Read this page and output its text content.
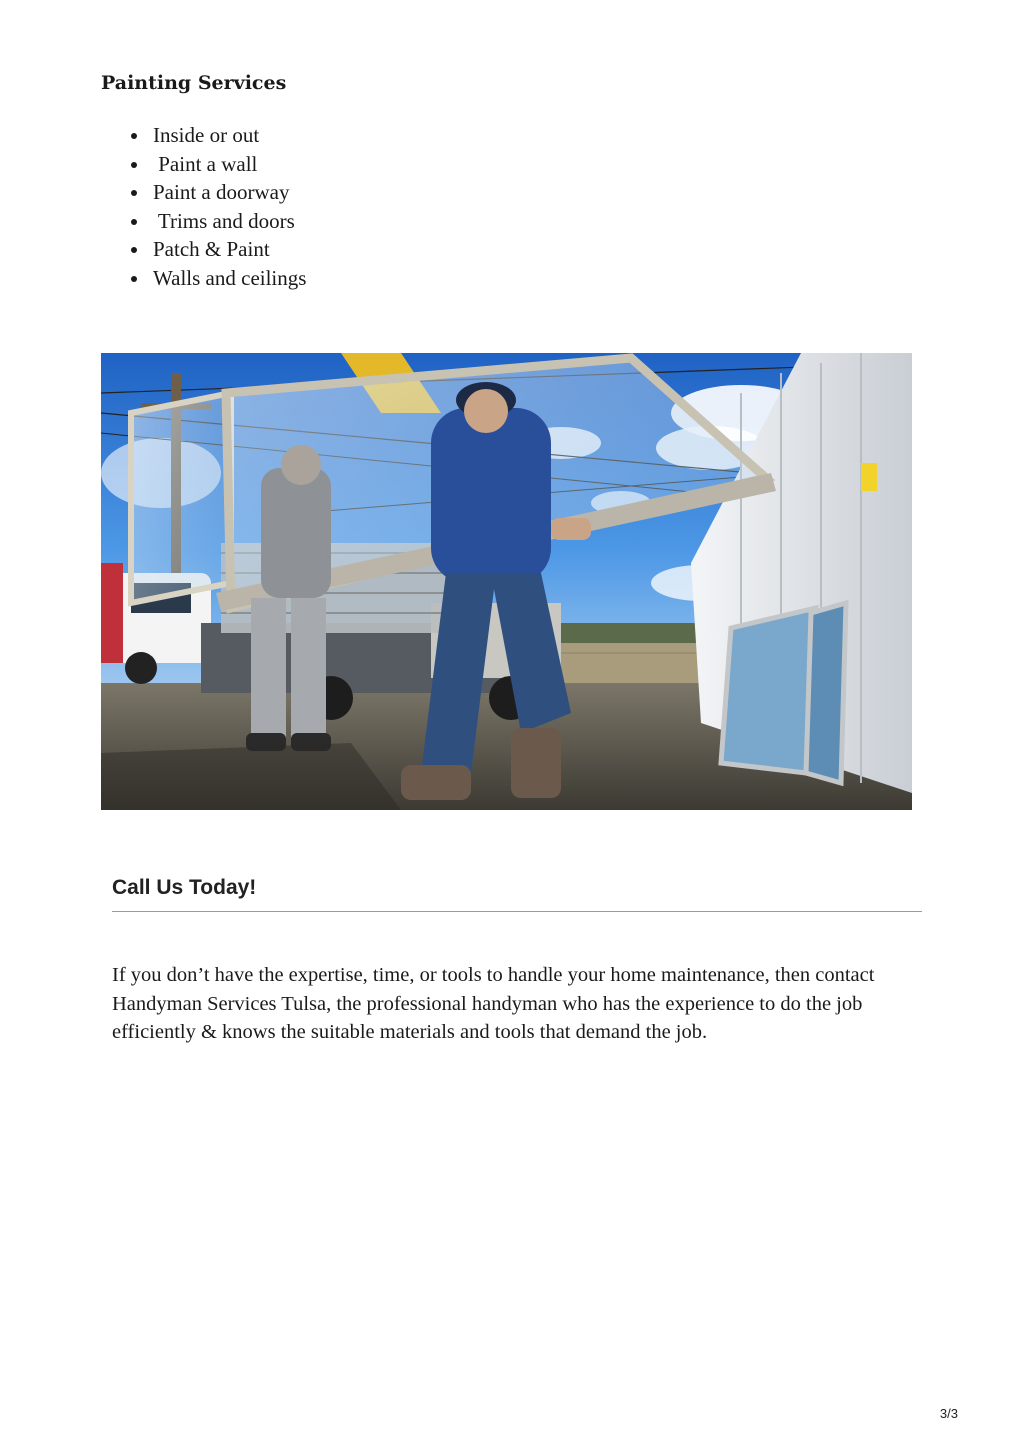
Painting Services
Inside or out
Paint a wall
Paint a doorway
Trims and doors
Patch & Paint
Walls and ceilings
Call Us Today!

If you don’t have the expertise, time, or tools to handle your home maintenance, then contact Handyman Services Tulsa, the professional handyman who has the experience to do the job efficiently & knows the suitable materials and tools that demand the job.

3/3
